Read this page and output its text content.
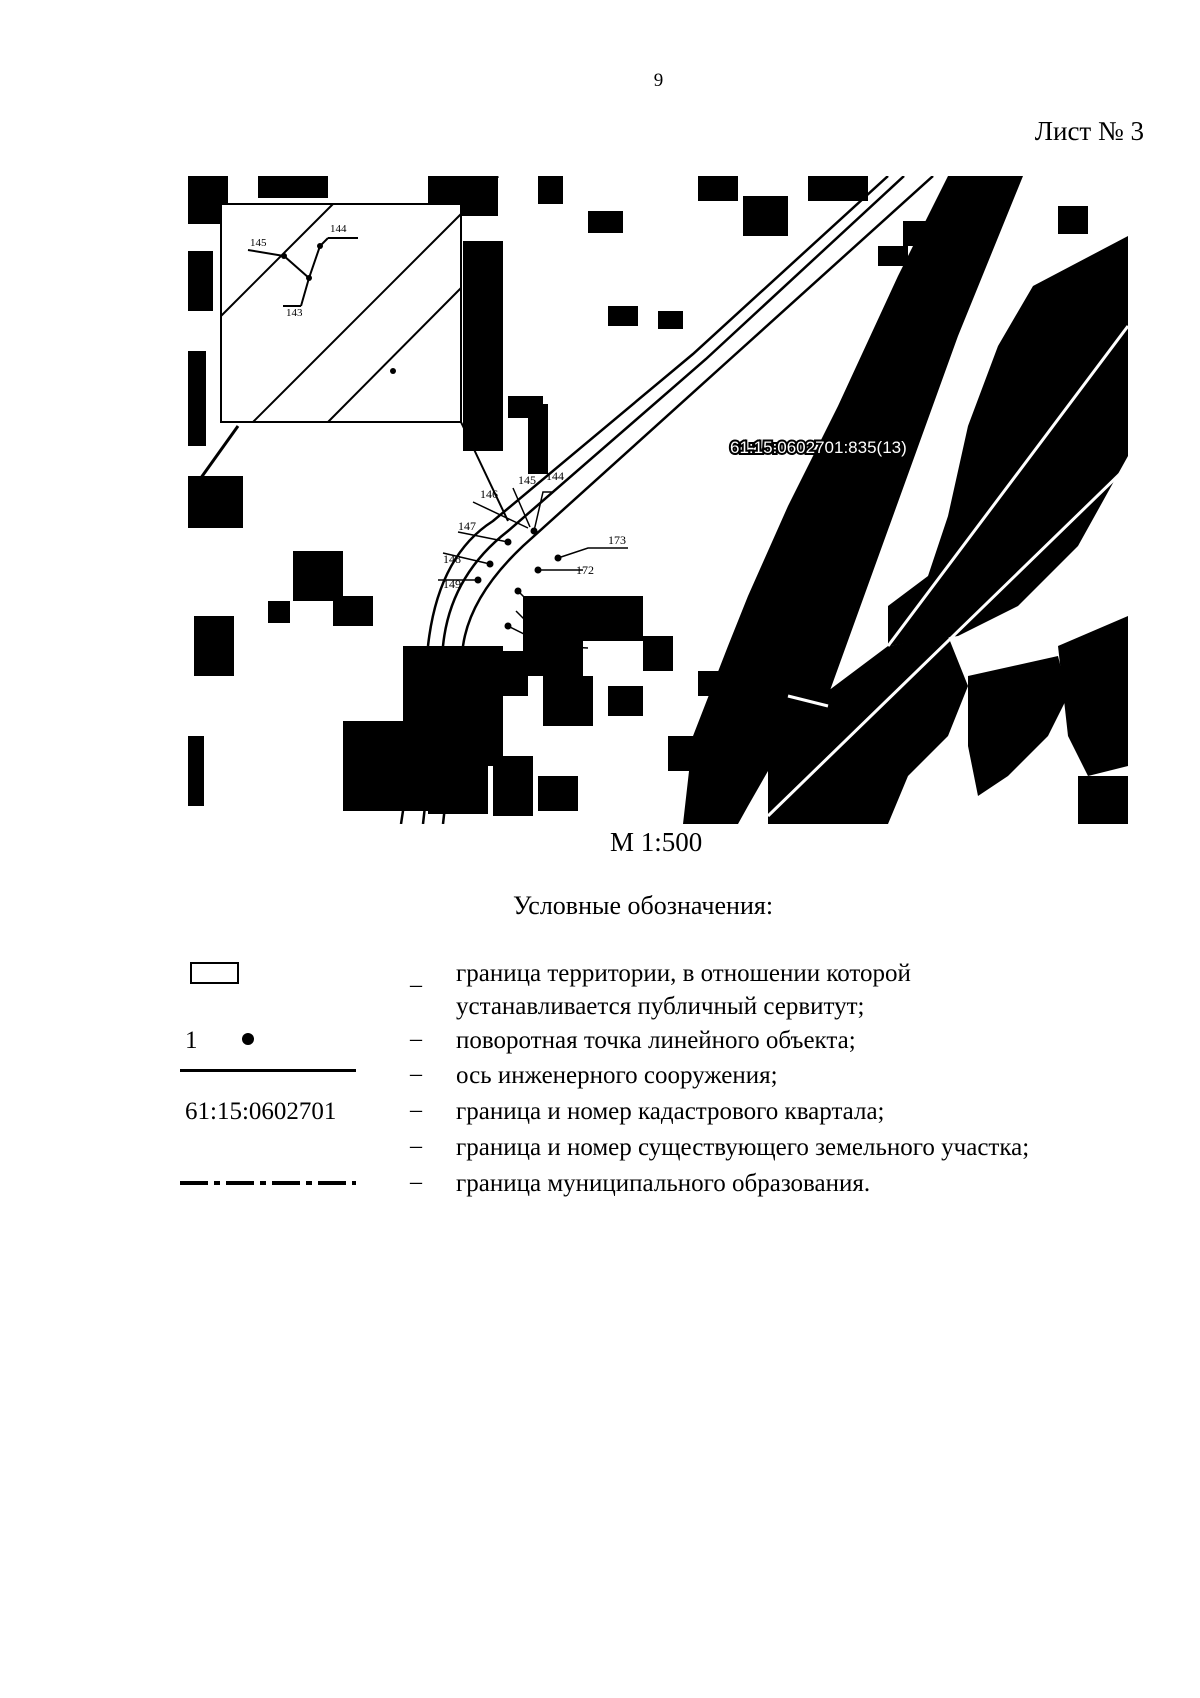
9
Лист № 3
145
144
143
144
145
146
147
148
149
172
173
61:15:0602701:835(13)
М 1:500
Условные обозначения:
– граница территории, в отношении которой
устанавливается публичный сервитут;
1	– поворотная точка линейного объекта;
– ось инженерного сооружения;
61:15:0602701	– граница и номер кадастрового квартала;
– граница и номер существующего земельного участка;
– граница муниципального образования.
